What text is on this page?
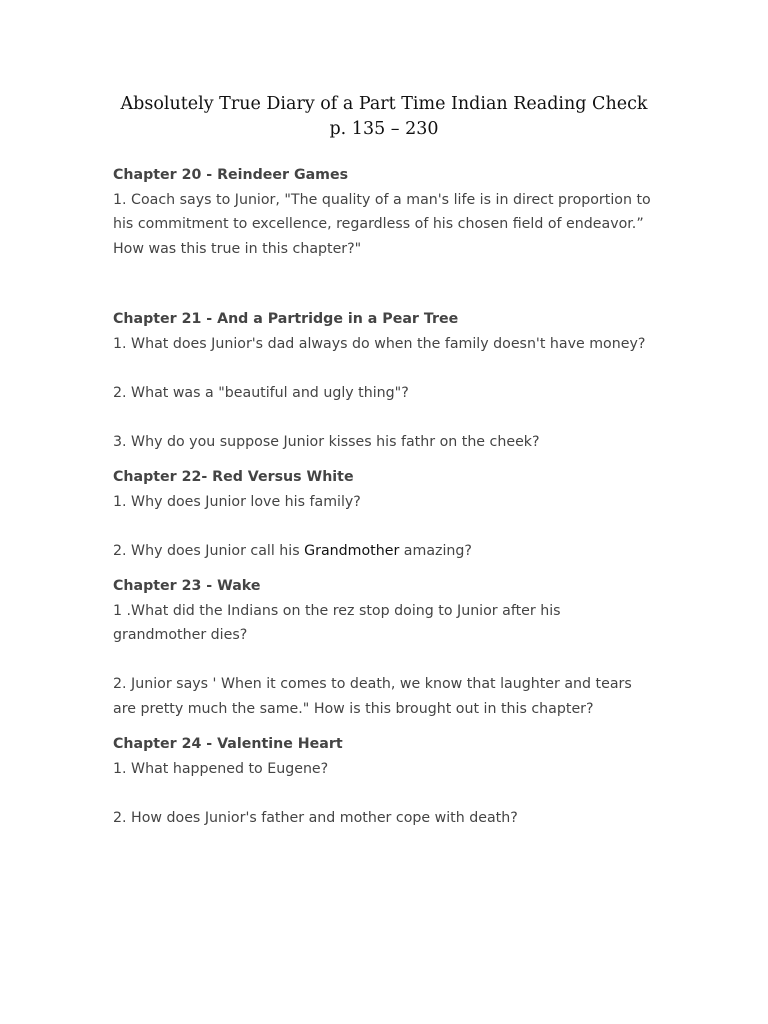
Absolutely True Diary of a Part Time Indian Reading Check
p. 135 – 230
Chapter 20 - Reindeer Games

1. Coach says to Junior, "The quality of a man's life is in direct proportion to his commitment to excellence, regardless of his chosen field of endeavor.” How was this true in this chapter?"

Chapter 21 - And a Partridge in a Pear Tree

1. What does Junior's dad always do when the family doesn't have money?

2. What was a "beautiful and ugly thing"?

3. Why do you suppose Junior kisses his fathr on the cheek?

Chapter 22- Red Versus White

1. Why does Junior love his family?

2. Why does Junior call his Grandmother amazing?

Chapter 23 - Wake

1 .What did the Indians on the rez stop doing to Junior after his grandmother dies?

2. Junior says ' When it comes to death, we know that laughter and tears are pretty much the same." How is this brought out in this chapter?

Chapter 24 - Valentine Heart

1. What happened to Eugene?

2. How does Junior's father and mother cope with death?
